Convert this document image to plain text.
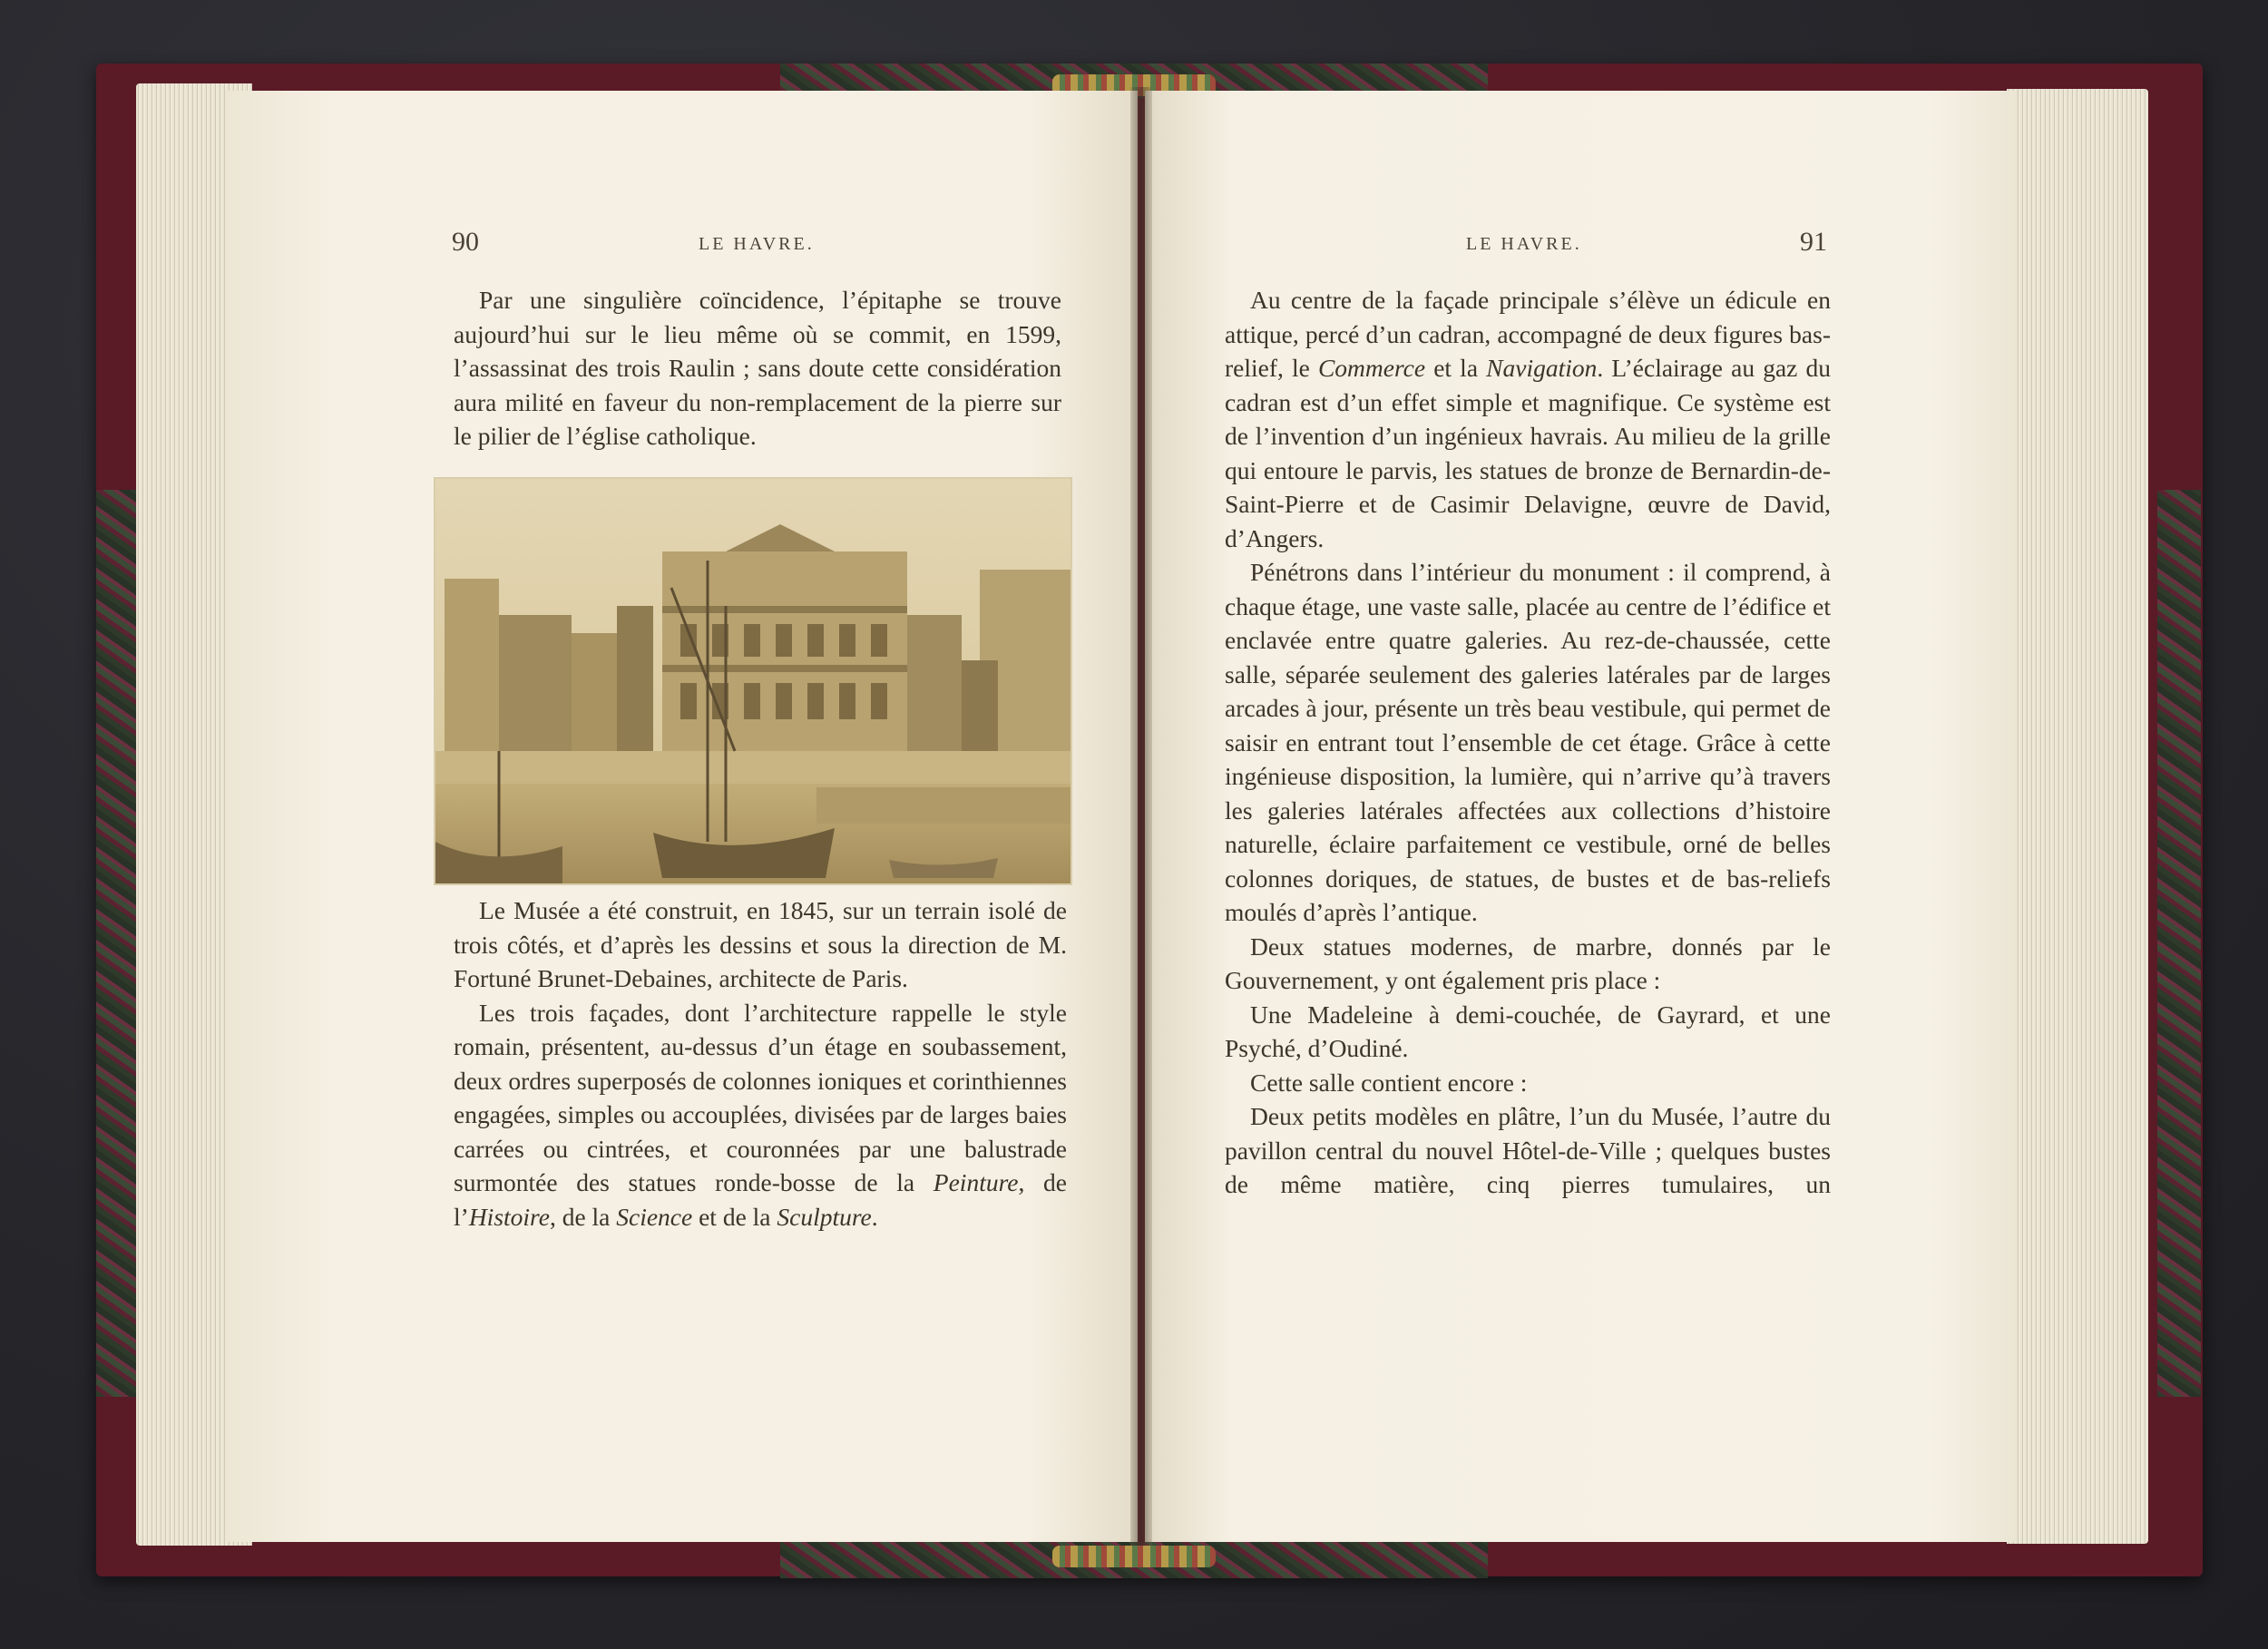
90	LE HAVRE.

Par une singulière coïncidence, l’épitaphe se trouve aujourd’hui sur le lieu même où se commit, en 1599, l’assassinat des trois Raulin ; sans doute cette considération aura milité en faveur du non-remplacement de la pierre sur le pilier de l’église catholique.

Le Musée a été construit, en 1845, sur un terrain isolé de trois côtés, et d’après les dessins et sous la direction de M. Fortuné Brunet-Debaines, architecte de Paris.

Les trois façades, dont l’architecture rappelle le style romain, présentent, au-dessus d’un étage en soubassement, deux ordres superposés de colonnes ioniques et corinthiennes engagées, simples ou accouplées, divisées par de larges baies carrées ou cintrées, et couronnées par une balustrade surmontée des statues ronde-bosse de la Peinture, de l’Histoire, de la Science et de la Sculpture.

LE HAVRE.	91

Au centre de la façade principale s’élève un édicule en attique, percé d’un cadran, accompagné de deux figures bas-relief, le Commerce et la Navigation. L’éclairage au gaz du cadran est d’un effet simple et magnifique. Ce système est de l’invention d’un ingénieux havrais. Au milieu de la grille qui entoure le parvis, les statues de bronze de Bernardin-de-Saint-Pierre et de Casimir Delavigne, œuvre de David, d’Angers.

Pénétrons dans l’intérieur du monument : il comprend, à chaque étage, une vaste salle, placée au centre de l’édifice et enclavée entre quatre galeries. Au rez-de-chaussée, cette salle, séparée seulement des galeries latérales par de larges arcades à jour, présente un très beau vestibule, qui permet de saisir en entrant tout l’ensemble de cet étage. Grâce à cette ingénieuse disposition, la lumière, qui n’arrive qu’à travers les galeries latérales affectées aux collections d’histoire naturelle, éclaire parfaitement ce vestibule, orné de belles colonnes doriques, de statues, de bustes et de bas-reliefs moulés d’après l’antique.

Deux statues modernes, de marbre, donnés par le Gouvernement, y ont également pris place :

Une Madeleine à demi-couchée, de Gayrard, et une Psyché, d’Oudiné.

Cette salle contient encore :

Deux petits modèles en plâtre, l’un du Musée, l’autre du pavillon central du nouvel Hôtel-de-Ville ; quelques bustes de même matière, cinq pierres tumulaires, un
